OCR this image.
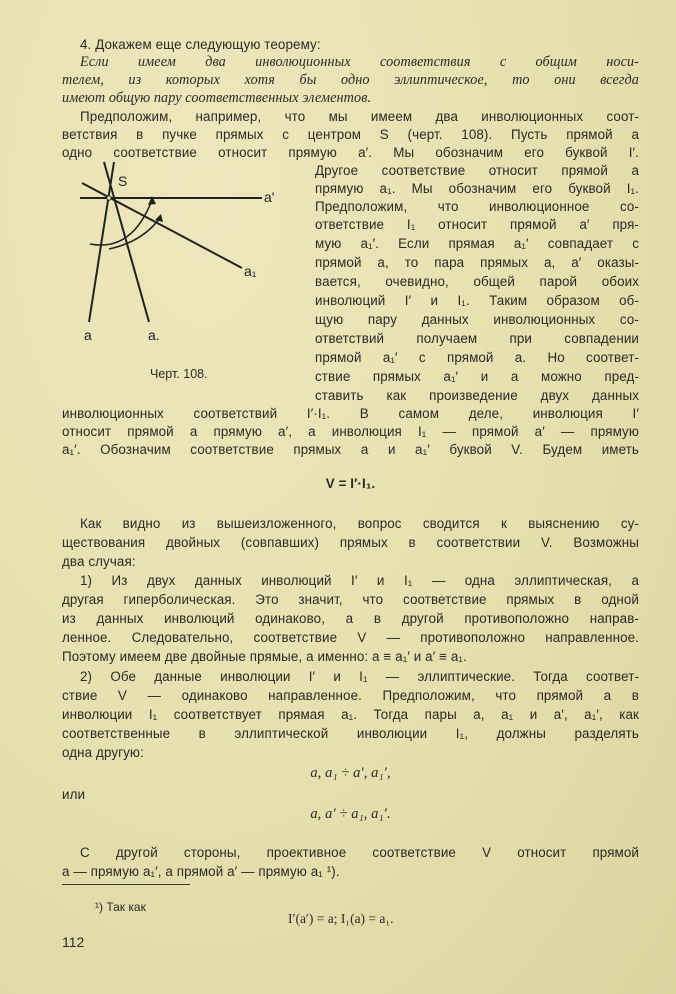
4. Докажем еще следующую теорему:
Если имеем два инволюционных соответствия с общим носи-
телем, из которых хотя бы одно эллиптическое, то они всегда
имеют общую пару соответственных элементов.
Предположим, например, что мы имеем два инволюционных соот-
ветствия в пучке прямых с центром S (черт. 108). Пусть прямой a
одно соответствие относит прямую a′. Мы обозначим его буквой I′.
S
a'
a₁
a	a.
Черт. 108.
Другое соответствие относит прямой a
прямую a₁. Мы обозначим его буквой I₁.
Предположим, что инволюционное со-
ответствие I₁ относит прямой a′ пря-
мую a₁′. Если прямая a₁′ совпадает с
прямой a, то пара прямых a, a′ оказы-
вается, очевидно, общей парой обоих
инволюций I′ и I₁. Таким образом об-
щую пару данных инволюционных со-
ответствий получаем при совпадении
прямой a₁′ с прямой a. Но соответ-
ствие прямых a₁′ и a можно пред-
ставить как произведение двух данных
инволюционных соответствий I′·I₁. В самом деле, инволюция I′
относит прямой a прямую a′, а инволюция I₁ — прямой a′ — прямую
a₁′. Обозначим соответствие прямых a и a₁′ буквой V. Будем иметь
V = I′·I₁.
Как видно из вышеизложенного, вопрос сводится к выяснению су-
ществования двойных (совпавших) прямых в соответствии V. Возможны
два случая:
1) Из двух данных инволюций I′ и I₁ — одна эллиптическая, а
другая гиперболическая. Это значит, что соответствие прямых в одной
из данных инволюций одинаково, а в другой противоположно направ-
ленное. Следовательно, соответствие V — противоположно направленное.
Поэтому имеем две двойные прямые, а именно: a ≡ a₁′ и a′ ≡ a₁.
2) Обе данные инволюции I′ и I₁ — эллиптические. Тогда соответ-
ствие V — одинаково направленное. Предположим, что прямой a в
инволюции I₁ соответствует прямая a₁. Тогда пары a, a₁ и a′, a₁′, как
соответственные в эллиптической инволюции I₁, должны разделять
одна другую:
a, a₁ ÷ a′, a₁′,
или
a, a′ ÷ a₁, a₁′.
С другой стороны, проективное соответствие V относит прямой
a — прямую a₁′, а прямой a′ — прямую a₁ ¹).
¹) Так как
I′(a′) = a; I₁(a) = a₁.
112
